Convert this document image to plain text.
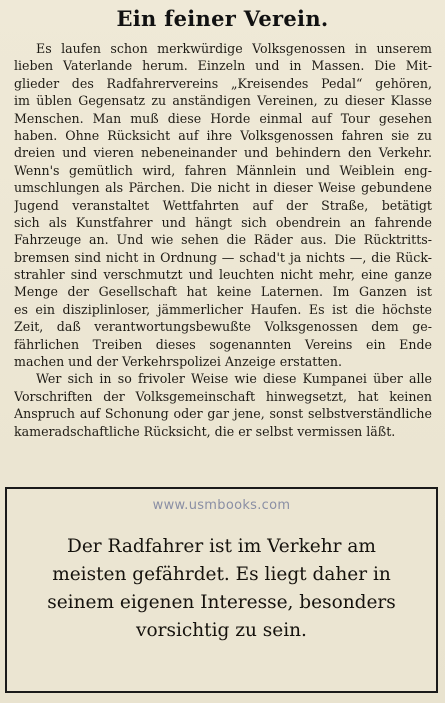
Ein feiner Verein.
Es laufen schon merkwürdige Volksgenossen in unserem
lieben Vaterlande herum. Einzeln und in Massen. Die Mit-
glieder des Radfahrervereins „Kreisendes Pedal“ gehören,
im üblen Gegensatz zu anständigen Vereinen, zu dieser Klasse
Menschen. Man muß diese Horde einmal auf Tour gesehen
haben. Ohne Rücksicht auf ihre Volksgenossen fahren sie zu
dreien und vieren nebeneinander und behindern den Verkehr.
Wenn's gemütlich wird, fahren Männlein und Weiblein eng-
umschlungen als Pärchen. Die nicht in dieser Weise gebundene
Jugend veranstaltet Wettfahrten auf der Straße, betätigt
sich als Kunstfahrer und hängt sich obendrein an fahrende
Fahrzeuge an. Und wie sehen die Räder aus. Die Rücktritts-
bremsen sind nicht in Ordnung — schad't ja nichts —, die Rück-
strahler sind verschmutzt und leuchten nicht mehr, eine ganze
Menge der Gesellschaft hat keine Laternen. Im Ganzen ist
es ein disziplinloser, jämmerlicher Haufen. Es ist die höchste
Zeit, daß verantwortungsbewußte Volksgenossen dem ge-
fährlichen Treiben dieses sogenannten Vereins ein Ende
machen und der Verkehrspolizei Anzeige erstatten.
Wer sich in so frivoler Weise wie diese Kumpanei über alle
Vorschriften der Volksgemeinschaft hinwegsetzt, hat keinen
Anspruch auf Schonung oder gar jene, sonst selbstverständliche
kameradschaftliche Rücksicht, die er selbst vermissen läßt.
www.usmbooks.com
Der Radfahrer ist im Verkehr am
meisten gefährdet. Es liegt daher in
seinem eigenen Interesse, besonders
vorsichtig zu sein.
